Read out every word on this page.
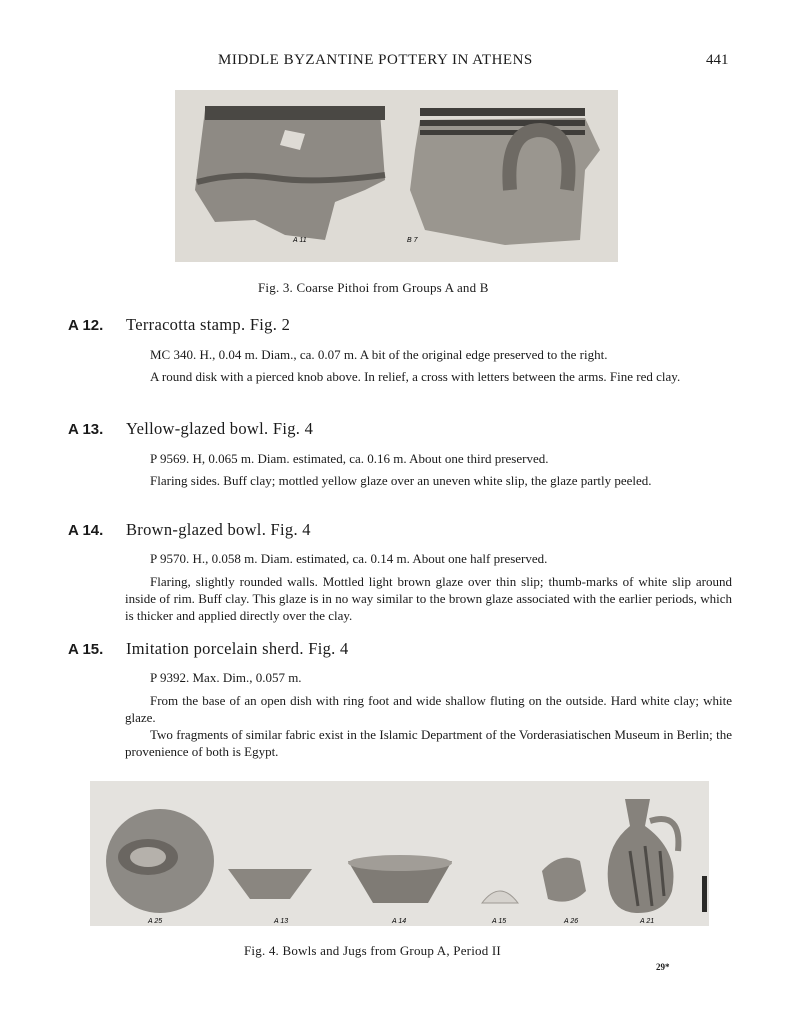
MIDDLE BYZANTINE POTTERY IN ATHENS	441
A 11	B 7
Fig. 3. Coarse Pithoi from Groups A and B
A 12. Terracotta stamp. Fig. 2
MC 340. H., 0.04 m. Diam., ca. 0.07 m. A bit of the original edge preserved to the right.
A round disk with a pierced knob above. In relief, a cross with letters between the arms. Fine red clay.
A 13. Yellow-glazed bowl. Fig. 4
P 9569. H, 0.065 m. Diam. estimated, ca. 0.16 m. About one third preserved.
Flaring sides. Buff clay; mottled yellow glaze over an uneven white slip, the glaze partly peeled.
A 14. Brown-glazed bowl. Fig. 4
P 9570. H., 0.058 m. Diam. estimated, ca. 0.14 m. About one half preserved.
Flaring, slightly rounded walls. Mottled light brown glaze over thin slip; thumb-marks of white slip around inside of rim. Buff clay. This glaze is in no way similar to the brown glaze associated with the earlier periods, which is thicker and applied directly over the clay.
A 15. Imitation porcelain sherd. Fig. 4
P 9392. Max. Dim., 0.057 m.
From the base of an open dish with ring foot and wide shallow fluting on the outside. Hard white clay; white glaze.
Two fragments of similar fabric exist in the Islamic Department of the Vorderasiatischen Museum in Berlin; the provenience of both is Egypt.
A 25	A 13	A 14	A 15	A 26	A 21
Fig. 4. Bowls and Jugs from Group A, Period II
29*
